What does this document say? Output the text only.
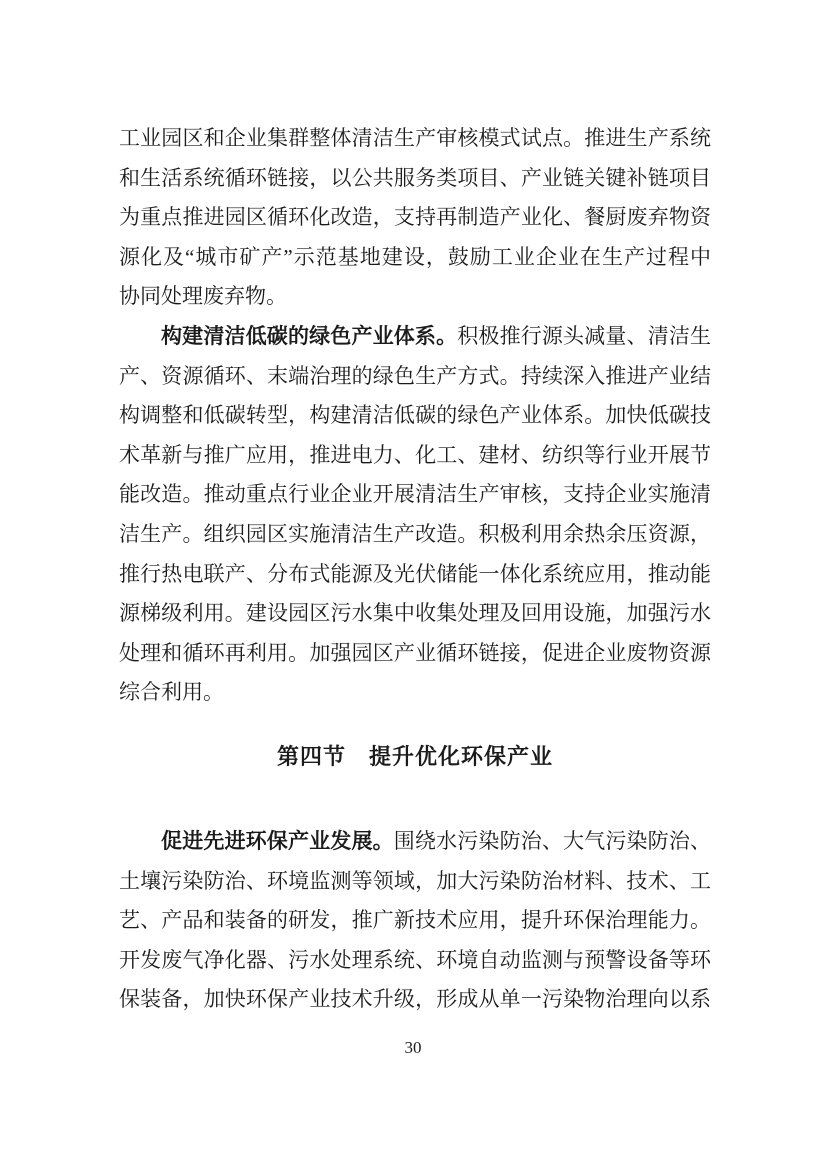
工业园区和企业集群整体清洁生产审核模式试点。推进生产系统
和生活系统循环链接，以公共服务类项目、产业链关键补链项目
为重点推进园区循环化改造，支持再制造产业化、餐厨废弃物资
源化及“城市矿产”示范基地建设，鼓励工业企业在生产过程中
协同处理废弃物。
构建清洁低碳的绿色产业体系。积极推行源头减量、清洁生
产、资源循环、末端治理的绿色生产方式。持续深入推进产业结
构调整和低碳转型，构建清洁低碳的绿色产业体系。加快低碳技
术革新与推广应用，推进电力、化工、建材、纺织等行业开展节
能改造。推动重点行业企业开展清洁生产审核，支持企业实施清
洁生产。组织园区实施清洁生产改造。积极利用余热余压资源，
推行热电联产、分布式能源及光伏储能一体化系统应用，推动能
源梯级利用。建设园区污水集中收集处理及回用设施，加强污水
处理和循环再利用。加强园区产业循环链接，促进企业废物资源
综合利用。
第四节　提升优化环保产业
促进先进环保产业发展。围绕水污染防治、大气污染防治、
土壤污染防治、环境监测等领域，加大污染防治材料、技术、工
艺、产品和装备的研发，推广新技术应用，提升环保治理能力。
开发废气净化器、污水处理系统、环境自动监测与预警设备等环
保装备，加快环保产业技术升级，形成从单一污染物治理向以系
30
